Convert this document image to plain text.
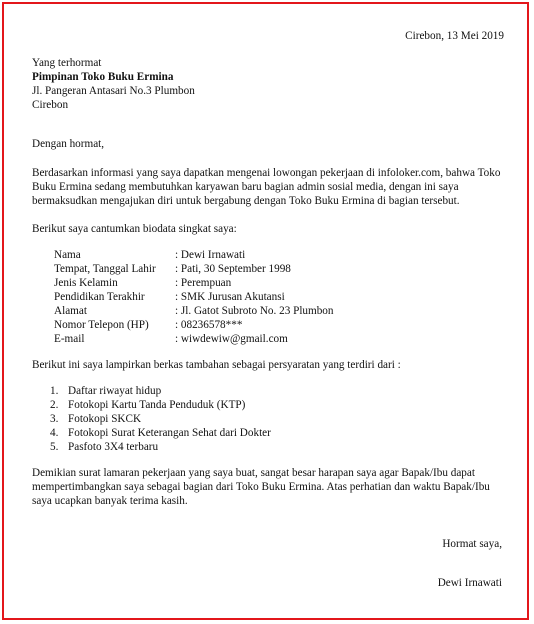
Cirebon, 13 Mei 2019
Yang terhormat
Pimpinan Toko Buku Ermina
Jl. Pangeran Antasari No.3 Plumbon
Cirebon
Dengan hormat,
Berdasarkan informasi yang saya dapatkan mengenai lowongan pekerjaan di infoloker.com, bahwa Toko
Buku Ermina sedang membutuhkan karyawan baru bagian admin sosial media, dengan ini saya
bermaksudkan mengajukan diri untuk bergabung dengan Toko Buku Ermina di bagian tersebut.
Berikut saya cantumkan biodata singkat saya:
Nama	: Dewi Irnawati
Tempat, Tanggal Lahir : Pati, 30 September 1998
Jenis Kelamin	: Perempuan
Pendidikan Terakhir	: SMK Jurusan Akutansi
Alamat	: Jl. Gatot Subroto No. 23 Plumbon
Nomor Telepon (HP) : 08236578***
E-mail	: wiwdewiw@gmail.com
Berikut ini saya lampirkan berkas tambahan sebagai persyaratan yang terdiri dari :
1. Daftar riwayat hidup
2. Fotokopi Kartu Tanda Penduduk (KTP)
3. Fotokopi SKCK
4. Fotokopi Surat Keterangan Sehat dari Dokter
5. Pasfoto 3X4 terbaru
Demikian surat lamaran pekerjaan yang saya buat, sangat besar harapan saya agar Bapak/Ibu dapat
mempertimbangkan saya sebagai bagian dari Toko Buku Ermina. Atas perhatian dan waktu Bapak/Ibu
saya ucapkan banyak terima kasih.
Hormat saya,
Dewi Irnawati
